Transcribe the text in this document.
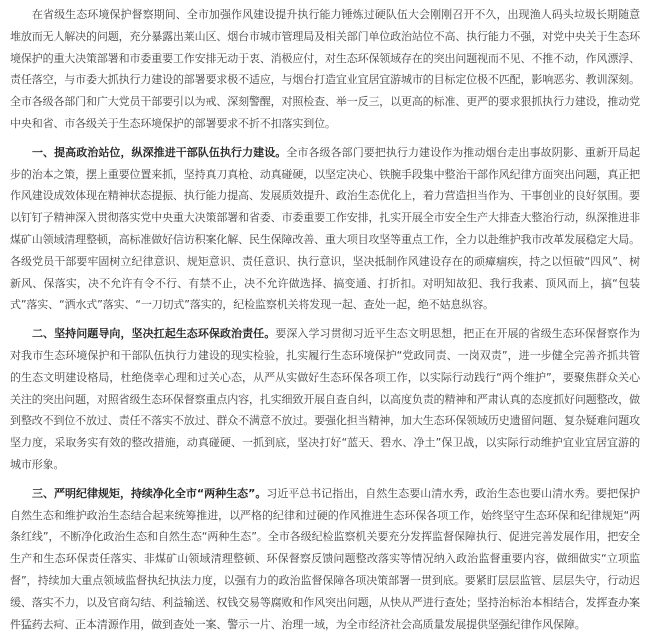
在省级生态环境保护督察期间、全市加强作风建设提升执行能力锤炼过硬队伍大会刚刚召开不久，出现渔人码头垃圾长期随意堆放而无人解决的问题，充分暴露出莱山区、烟台市城市管理局及相关部门单位政治站位不高、执行能力不强，对党中央关于生态环境保护的重大决策部署和市委重要工作安排无动于衷、消极应付，对生态环保领域存在的突出问题视而不见、不推不动，作风漂浮、责任落空，与市委大抓执行力建设的部署要求极不适应，与烟台打造宜业宜居宜游城市的目标定位极不匹配，影响恶劣、教训深刻。全市各级各部门和广大党员干部要引以为戒、深刻警醒，对照检查、举一反三，以更高的标准、更严的要求狠抓执行力建设，推动党中央和省、市各级关于生态环境保护的部署要求不折不扣落实到位。

一、提高政治站位，纵深推进干部队伍执行力建设。全市各级各部门要把执行力建设作为推动烟台走出事故阴影、重新开局起步的治本之策，摆上重要位置来抓，坚持真刀真枪、动真碰硬，以坚定决心、铁腕手段集中整治干部作风纪律方面突出问题，真正把作风建设成效体现在精神状态提振、执行能力提高、发展质效提升、政治生态优化上，着力营造担当作为、干事创业的良好氛围。要以钉钉子精神深入贯彻落实党中央重大决策部署和省委、市委重要工作安排，扎实开展全市安全生产大排查大整治行动，纵深推进非煤矿山领域清理整顿，高标准做好信访积案化解、民生保障改善、重大项目攻坚等重点工作，全力以赴维护我市改革发展稳定大局。各级党员干部要牢固树立纪律意识、规矩意识、责任意识、执行意识，坚决抵制作风建设存在的顽瘴痼疾，持之以恒破“四风”、树新风、保落实，决不允许有令不行、有禁不止，决不允许做选择、搞变通、打折扣。对明知故犯、我行我素、顶风而上，搞“包装式”落实、“洒水式”落实、“一刀切式”落实的，纪检监察机关将发现一起、查处一起，绝不姑息纵容。

二、坚持问题导向，坚决扛起生态环保政治责任。要深入学习贯彻习近平生态文明思想，把正在开展的省级生态环保督察作为对我市生态环境保护和干部队伍执行力建设的现实检验，扎实履行生态环境保护“党政同责、一岗双责”，进一步健全完善齐抓共管的生态文明建设格局，杜绝侥幸心理和过关心态，从严从实做好生态环保各项工作，以实际行动践行“两个维护”，要聚焦群众关心关注的突出问题，对照省级生态环保督察重点内容，扎实细致开展自查自纠，以高度负责的精神和严肃认真的态度抓好问题整改，做到整改不到位不放过、责任不落实不放过、群众不满意不放过。要强化担当精神，加大生态环保领域历史遗留问题、复杂疑难问题攻坚力度，采取务实有效的整改措施，动真碰硬、一抓到底，坚决打好“蓝天、碧水、净土”保卫战，以实际行动维护宜业宜居宜游的城市形象。

三、严明纪律规矩，持续净化全市“两种生态”。习近平总书记指出，自然生态要山清水秀，政治生态也要山清水秀。要把保护自然生态和维护政治生态结合起来统筹推进，以严格的纪律和过硬的作风推进生态环保各项工作，始终坚守生态环保和纪律规矩“两条红线”，不断净化政治生态和自然生态“两种生态”。全市各级纪检监察机关要充分发挥监督保障执行、促进完善发展作用，把安全生产和生态环保责任落实、非煤矿山领域清理整顿、环保督察反馈问题整改落实等情况纳入政治监督重要内容，做细做实“立项监督”，持续加大重点领域监督执纪执法力度，以强有力的政治监督保障各项决策部署一贯到底。要紧盯层层监管、层层失守，行动迟缓、落实不力，以及官商勾结、利益输送、权钱交易等腐败和作风突出问题，从快从严进行查处；坚持治标治本相结合，发挥查办案件猛药去疴、正本清源作用，做到查处一案、警示一片、治理一域，为全市经济社会高质量发展提供坚强纪律作风保障。
